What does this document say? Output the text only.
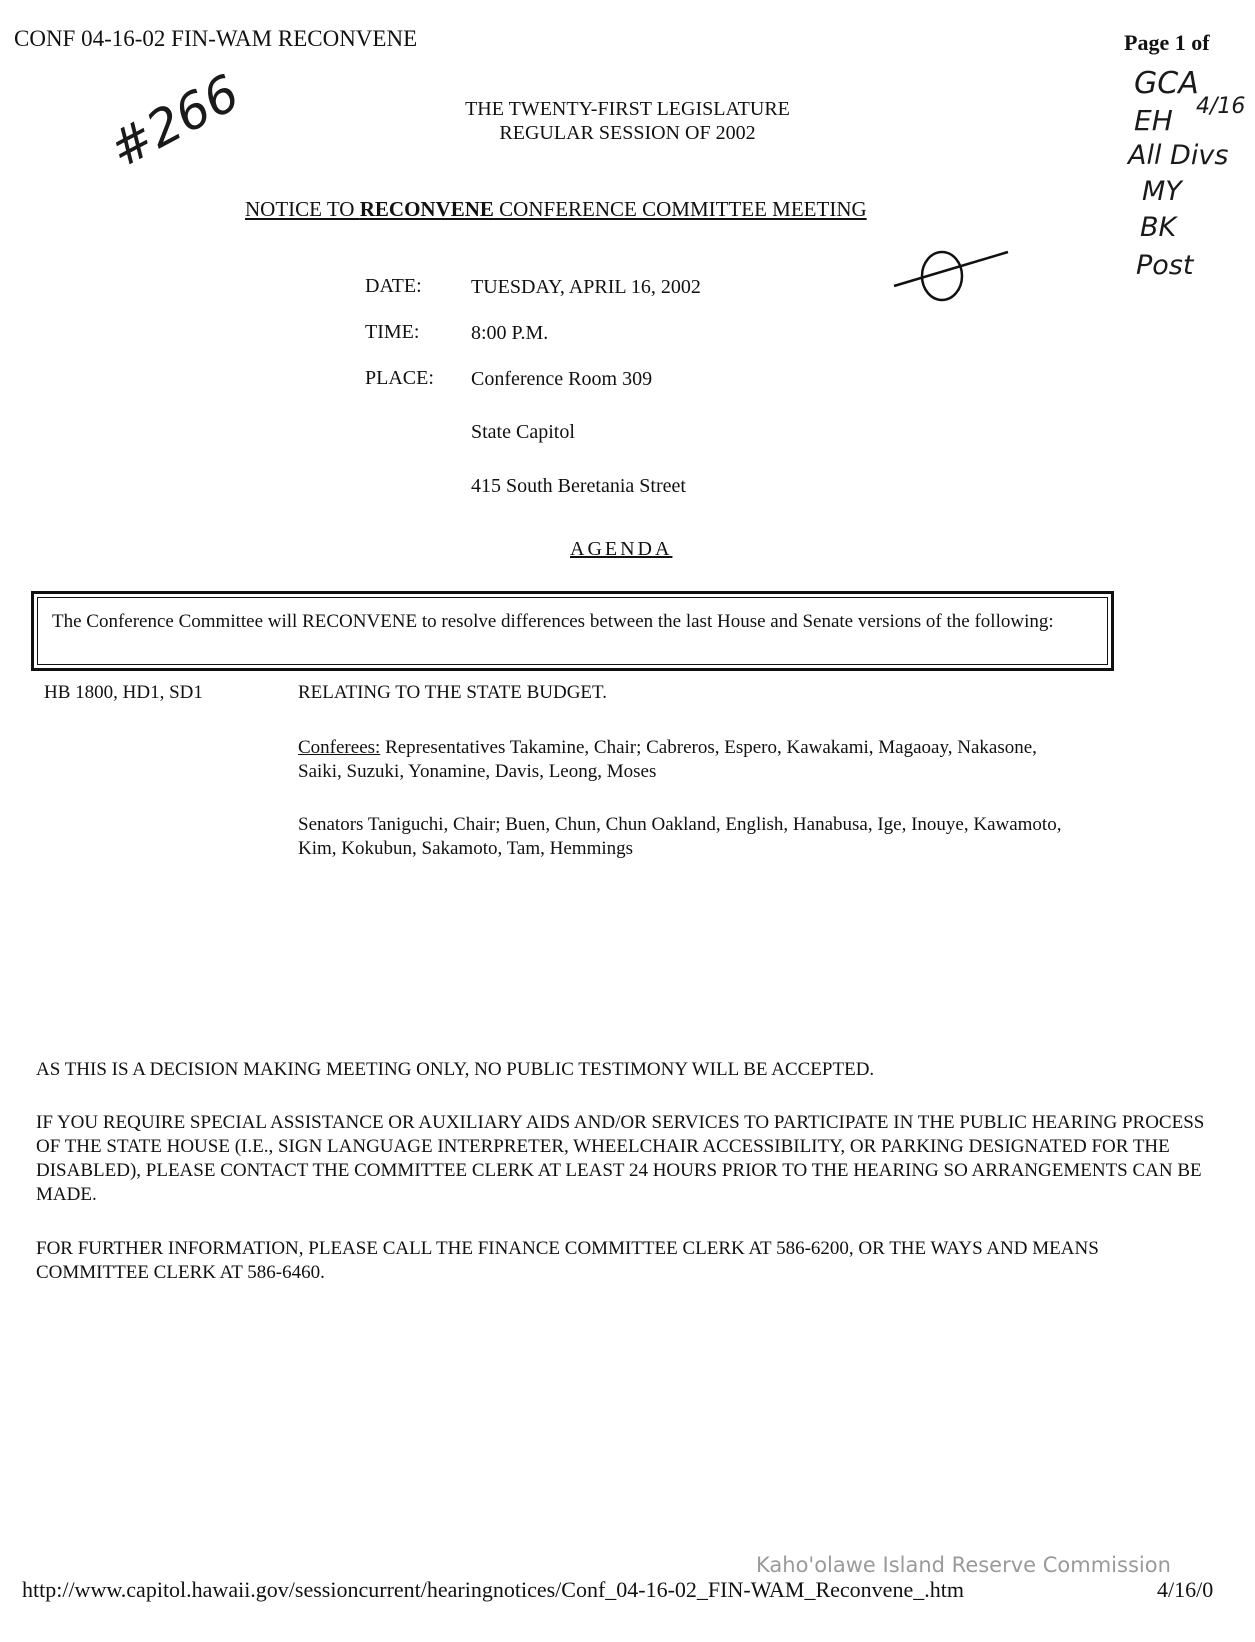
CONF 04-16-02 FIN-WAM RECONVENE	Page 1 of
#266	GCA
EH 4/16
All Divs
MY
BK
Post
THE TWENTY-FIRST LEGISLATURE
REGULAR SESSION OF 2002
NOTICE TO RECONVENE CONFERENCE COMMITTEE MEETING
DATE: TUESDAY, APRIL 16, 2002
TIME:	8:00 P.M.
PLACE: Conference Room 309
State Capitol
415 South Beretania Street
AGENDA
The Conference Committee will RECONVENE to resolve differences between the last House and Senate versions of the following:
HB 1800, HD1, SD1	RELATING TO THE STATE BUDGET.
Conferees: Representatives Takamine, Chair; Cabreros, Espero, Kawakami, Magaoay, Nakasone, Saiki, Suzuki, Yonamine, Davis, Leong, Moses
Senators Taniguchi, Chair; Buen, Chun, Chun Oakland, English, Hanabusa, Ige, Inouye, Kawamoto, Kim, Kokubun, Sakamoto, Tam, Hemmings
AS THIS IS A DECISION MAKING MEETING ONLY, NO PUBLIC TESTIMONY WILL BE ACCEPTED.
IF YOU REQUIRE SPECIAL ASSISTANCE OR AUXILIARY AIDS AND/OR SERVICES TO PARTICIPATE IN THE PUBLIC HEARING PROCESS OF THE STATE HOUSE (I.E., SIGN LANGUAGE INTERPRETER, WHEELCHAIR ACCESSIBILITY, OR PARKING DESIGNATED FOR THE DISABLED), PLEASE CONTACT THE COMMITTEE CLERK AT LEAST 24 HOURS PRIOR TO THE HEARING SO ARRANGEMENTS CAN BE MADE.
FOR FURTHER INFORMATION, PLEASE CALL THE FINANCE COMMITTEE CLERK AT 586-6200, OR THE WAYS AND MEANS COMMITTEE CLERK AT 586-6460.
Kaho'olawe Island Reserve Commission
http://www.capitol.hawaii.gov/sessioncurrent/hearingnotices/Conf_04-16-02_FIN-WAM_Reconvene_.htm	4/16/0
